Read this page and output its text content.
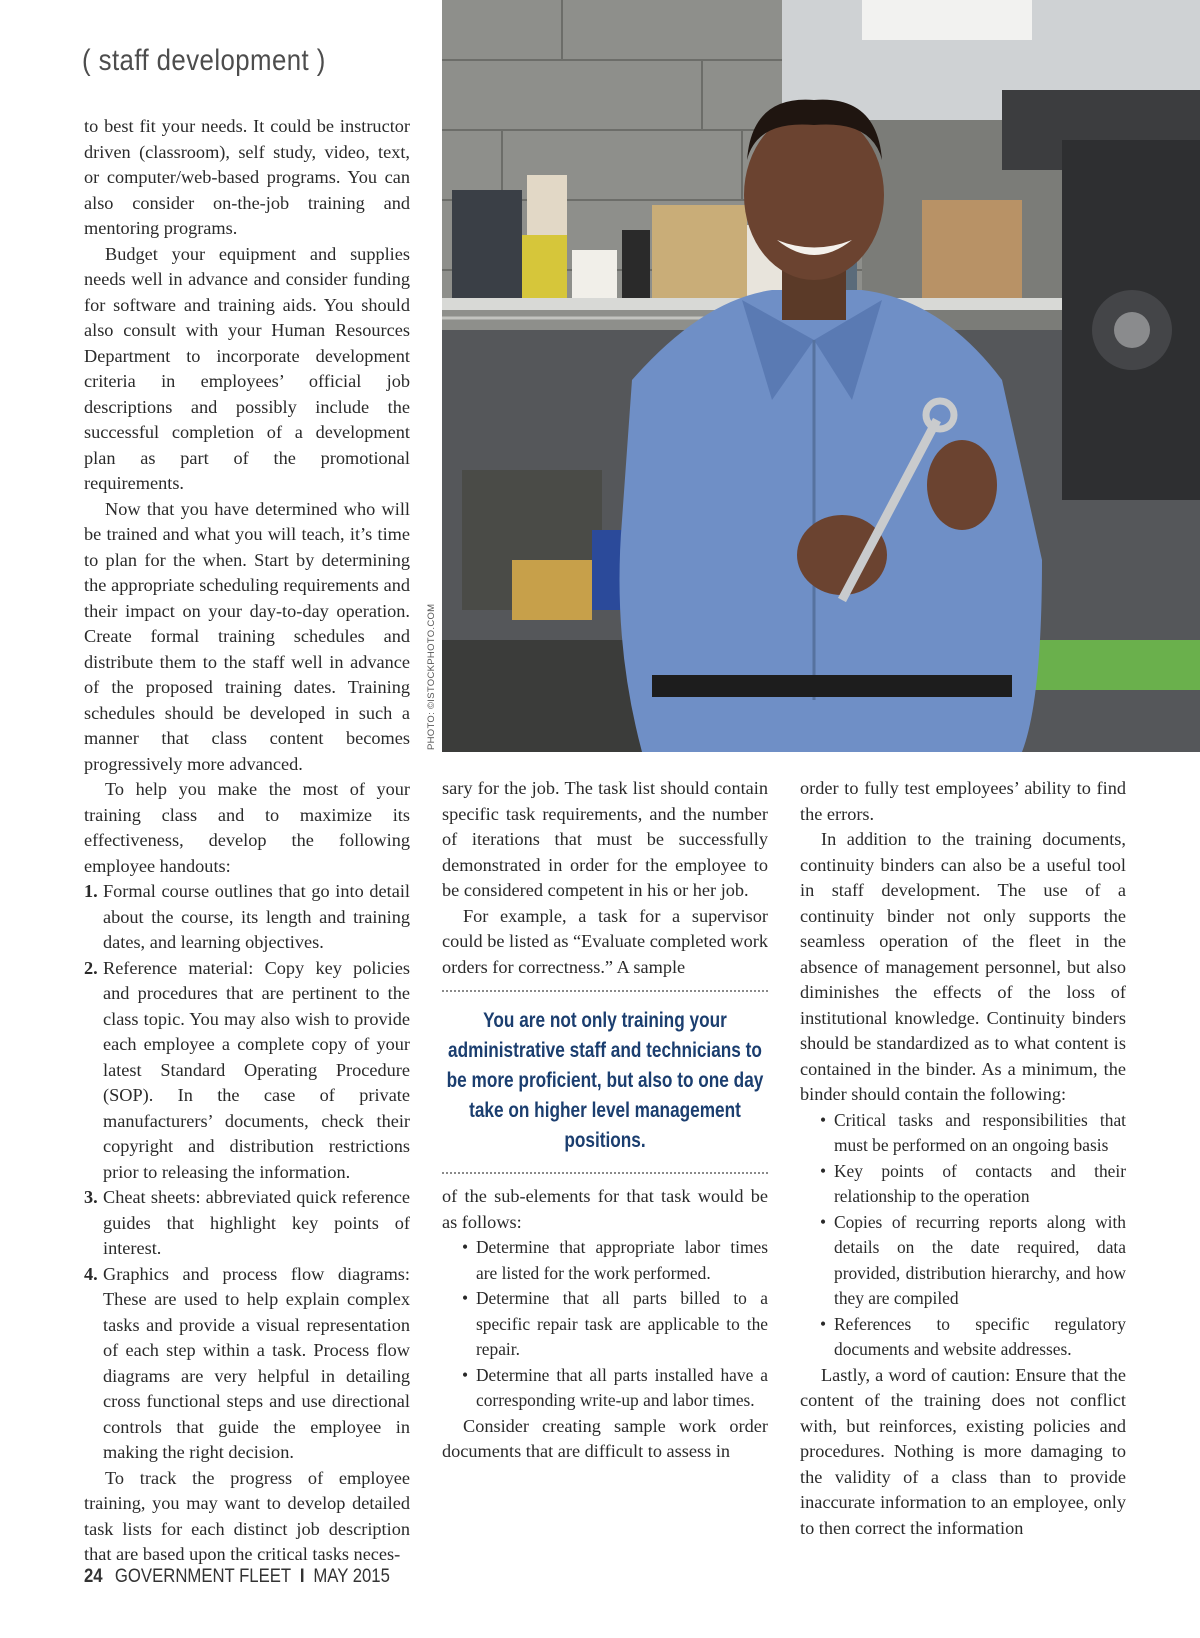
( staff development )
PHOTO: ©ISTOCKPHOTO.COM

to best fit your needs. It could be instructor driven (classroom), self study, video, text, or computer/web-based programs. You can also consider on-the-job training and mentoring programs.

Budget your equipment and supplies needs well in advance and consider funding for software and training aids. You should also consult with your Human Resources Department to incorporate development criteria in employees’ official job descriptions and possibly include the successful completion of a development plan as part of the promotional requirements.

Now that you have determined who will be trained and what you will teach, it’s time to plan for the when. Start by determining the appropriate scheduling requirements and their impact on your day-to-day operation. Create formal training schedules and distribute them to the staff well in advance of the proposed training dates. Training schedules should be developed in such a manner that class content becomes progressively more advanced.

To help you make the most of your training class and to maximize its effectiveness, develop the following employee handouts:

1. Formal course outlines that go into detail about the course, its length and training dates, and learning objectives.
2. Reference material: Copy key policies and procedures that are pertinent to the class topic. You may also wish to provide each employee a complete copy of your latest Standard Operating Procedure (SOP). In the case of private manufacturers’ documents, check their copyright and distribution restrictions prior to releasing the information.
3. Cheat sheets: abbreviated quick reference guides that highlight key points of interest.
4. Graphics and process flow diagrams: These are used to help explain complex tasks and provide a visual representation of each step within a task. Process flow diagrams are very helpful in detailing cross functional steps and use directional controls that guide the employee in making the right decision.

To track the progress of employee training, you may want to develop detailed task lists for each distinct job description that are based upon the critical tasks neces-

sary for the job. The task list should contain specific task requirements, and the number of iterations that must be successfully demonstrated in order for the employee to be considered competent in his or her job.

For example, a task for a supervisor could be listed as “Evaluate completed work orders for correctness.” A sample

You are not only training your administrative staff and technicians to be more proficient, but also to one day take on higher level management positions.

of the sub-elements for that task would be as follows:

• Determine that appropriate labor times are listed for the work performed.
• Determine that all parts billed to a specific repair task are applicable to the repair.
• Determine that all parts installed have a corresponding write-up and labor times.

Consider creating sample work order documents that are difficult to assess in

order to fully test employees’ ability to find the errors.

In addition to the training documents, continuity binders can also be a useful tool in staff development. The use of a continuity binder not only supports the seamless operation of the fleet in the absence of management personnel, but also diminishes the effects of the loss of institutional knowledge. Continuity binders should be standardized as to what content is contained in the binder. As a minimum, the binder should contain the following:

• Critical tasks and responsibilities that must be performed on an ongoing basis
• Key points of contacts and their relationship to the operation
• Copies of recurring reports along with details on the date required, data provided, distribution hierarchy, and how they are compiled
• References to specific regulatory documents and website addresses.

Lastly, a word of caution: Ensure that the content of the training does not conflict with, but reinforces, existing policies and procedures. Nothing is more damaging to the validity of a class than to provide inaccurate information to an employee, only to then correct the information

24 GOVERNMENT FLEET I MAY 2015
